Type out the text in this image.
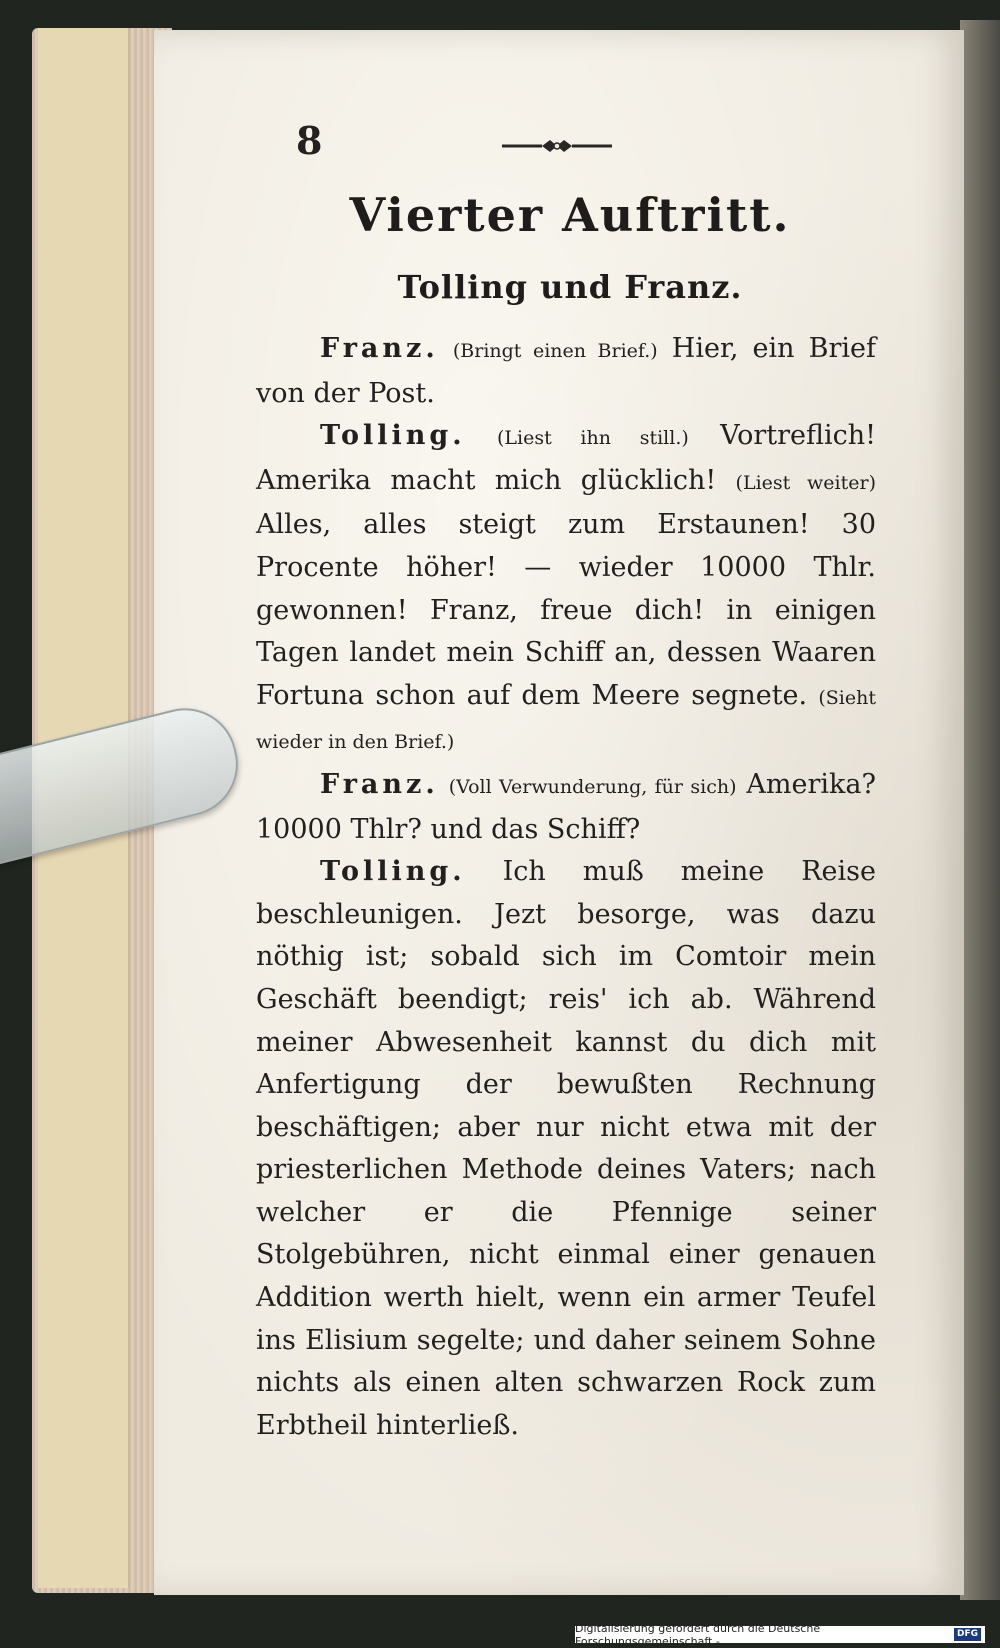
8
Vierter Auftritt.
Tolling und Franz.

Franz. (Bringt einen Brief.) Hier, ein Brief von der Post.

Tolling. (Liest ihn still.) Vortreflich! Amerika macht mich glücklich! (Liest weiter) Alles, alles steigt zum Erstaunen! 30 Procente höher! — wieder 10000 Thlr. gewonnen! Franz, freue dich! in einigen Tagen landet mein Schiff an, dessen Waaren Fortuna schon auf dem Meere segnete. (Sieht wieder in den Brief.)

Franz. (Voll Verwunderung, für sich) Amerika? 10000 Thlr? und das Schiff?

Tolling. Ich muß meine Reise beschleunigen. Jezt besorge, was dazu nöthig ist; sobald sich im Comtoir mein Geschäft beendigt; reis' ich ab. Während meiner Abwesenheit kannst du dich mit Anfertigung der bewußten Rechnung beschäftigen; aber nur nicht etwa mit der priesterlichen Methode deines Vaters; nach welcher er die Pfennige seiner Stolgebühren, nicht einmal einer genauen Addition werth hielt, wenn ein armer Teufel ins Elisium segelte; und daher seinem Sohne nichts als einen alten schwarzen Rock zum Erbtheil hinterließ.

Digitalisierung gefördert durch die Deutsche Forschungsgemeinschaft -
DFG
